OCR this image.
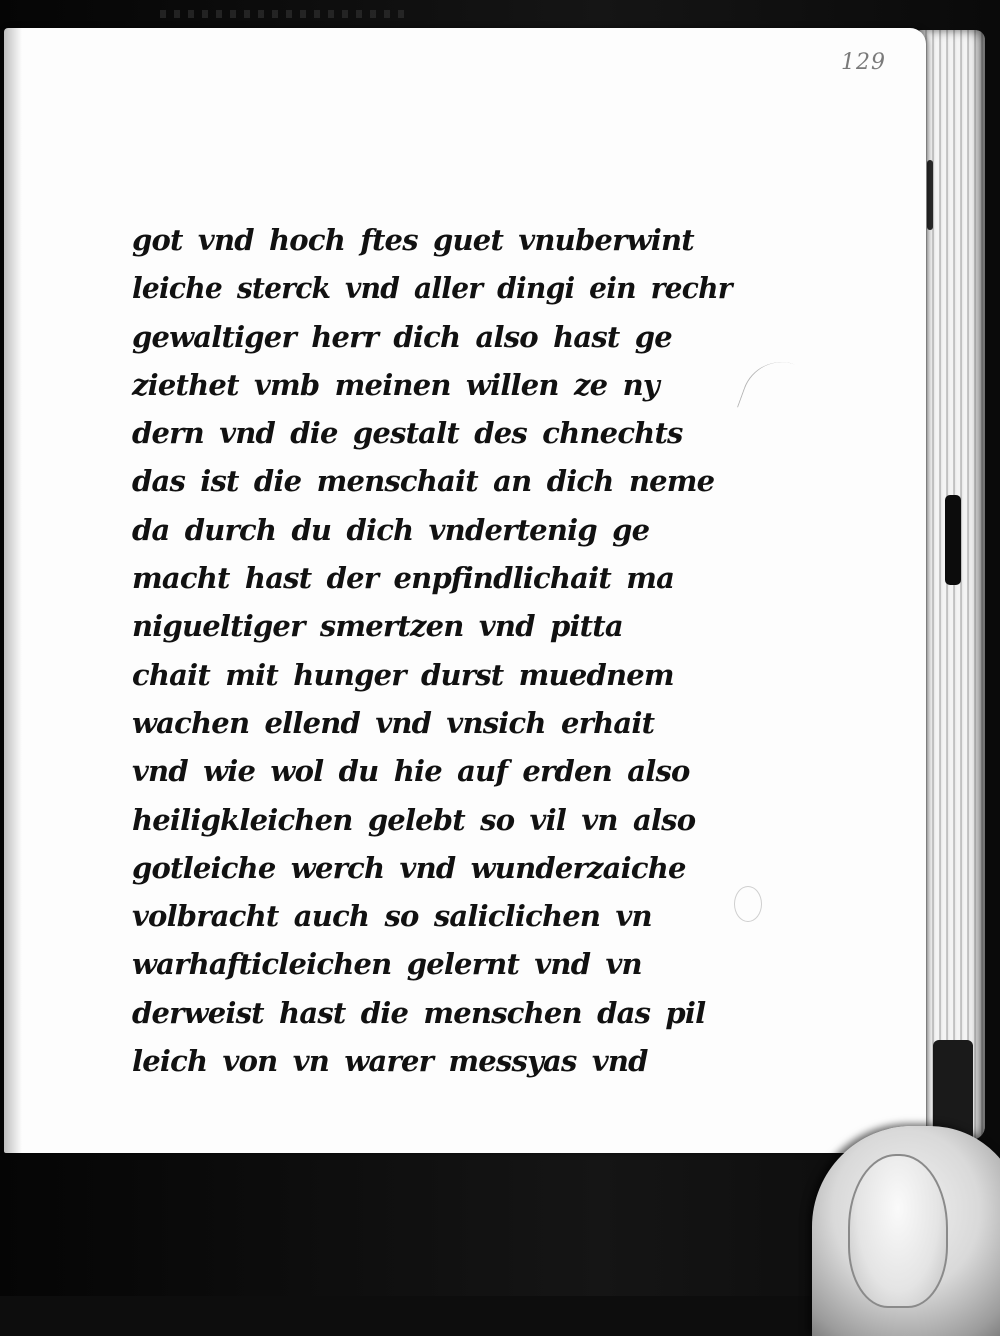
129
got vnd hoch ftes guet vnuberwint
leiche sterck vnd aller dingi ein rechr
gewaltiger herr dich also hast ge
ziethet vmb meinen willen ze ny
dern vnd die gestalt des chnechts
das ist die menschait an dich neme
da durch du dich vndertenig ge
macht hast der enpfindlichait ma
nigueltiger smertzen vnd pitta
chait mit hunger durst muednem
wachen ellend vnd vnsich erhait
vnd wie wol du hie auf erden also
heiligkleichen gelebt so vil vn also
gotleiche werch vnd wunderzaiche
volbracht auch so saliclichen vn
warhafticleichen gelernt vnd vn
derweist hast die menschen das pil
leich von vn warer messyas vnd
